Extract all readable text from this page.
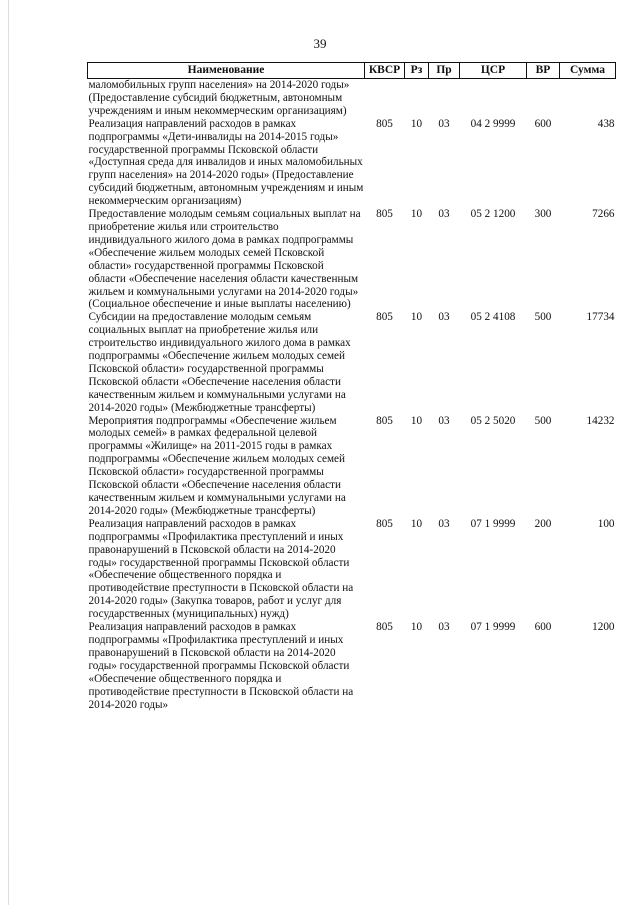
39
Наименование	КВСР	Рз	Пр	ЦСР	ВР	Сумма
маломобильных групп населения» на 2014-2020 годы» (Предоставление субсидий бюджетным, автономным учреждениям и иным некоммерческим организациям)						
Реализация направлений расходов в рамках подпрограммы «Дети-инвалиды на 2014-2015 годы» государственной программы Псковской области «Доступная среда для инвалидов и иных маломобильных групп населения» на 2014-2020 годы» (Предоставление субсидий бюджетным, автономным учреждениям и иным некоммерческим организациям)	805	10	03	04 2 9999	600	438
Предоставление молодым семьям социальных выплат на приобретение жилья или строительство индивидуального жилого дома в рамках подпрограммы «Обеспечение жильем молодых семей Псковской области» государственной программы Псковской области «Обеспечение населения области качественным жильем и коммунальными услугами на 2014-2020 годы» (Социальное обеспечение и иные выплаты населению)	805	10	03	05 2 1200	300	7266
Субсидии на предоставление молодым семьям социальных выплат на приобретение жилья или строительство индивидуального жилого дома в рамках подпрограммы «Обеспечение жильем молодых семей Псковской области» государственной программы Псковской области «Обеспечение населения области качественным жильем и коммунальными услугами на 2014-2020 годы» (Межбюджетные трансферты)	805	10	03	05 2 4108	500	17734
Мероприятия подпрограммы «Обеспечение жильем молодых семей» в рамках федеральной целевой программы «Жилище» на 2011-2015 годы в рамках подпрограммы «Обеспечение жильем молодых семей Псковской области» государственной программы Псковской области «Обеспечение населения области качественным жильем и коммунальными услугами на 2014-2020 годы» (Межбюджетные трансферты)	805	10	03	05 2 5020	500	14232
Реализация направлений расходов в рамках подпрограммы «Профилактика преступлений и иных правонарушений в Псковской области на 2014-2020 годы» государственной программы Псковской области «Обеспечение общественного порядка и противодействие преступности в Псковской области на 2014-2020 годы» (Закупка товаров, работ и услуг для государственных (муниципальных) нужд)	805	10	03	07 1 9999	200	100
Реализация направлений расходов в рамках подпрограммы «Профилактика преступлений и иных правонарушений в Псковской области на 2014-2020 годы» государственной программы Псковской области «Обеспечение общественного порядка и противодействие преступности в Псковской области на 2014-2020 годы»	805	10	03	07 1 9999	600	1200
